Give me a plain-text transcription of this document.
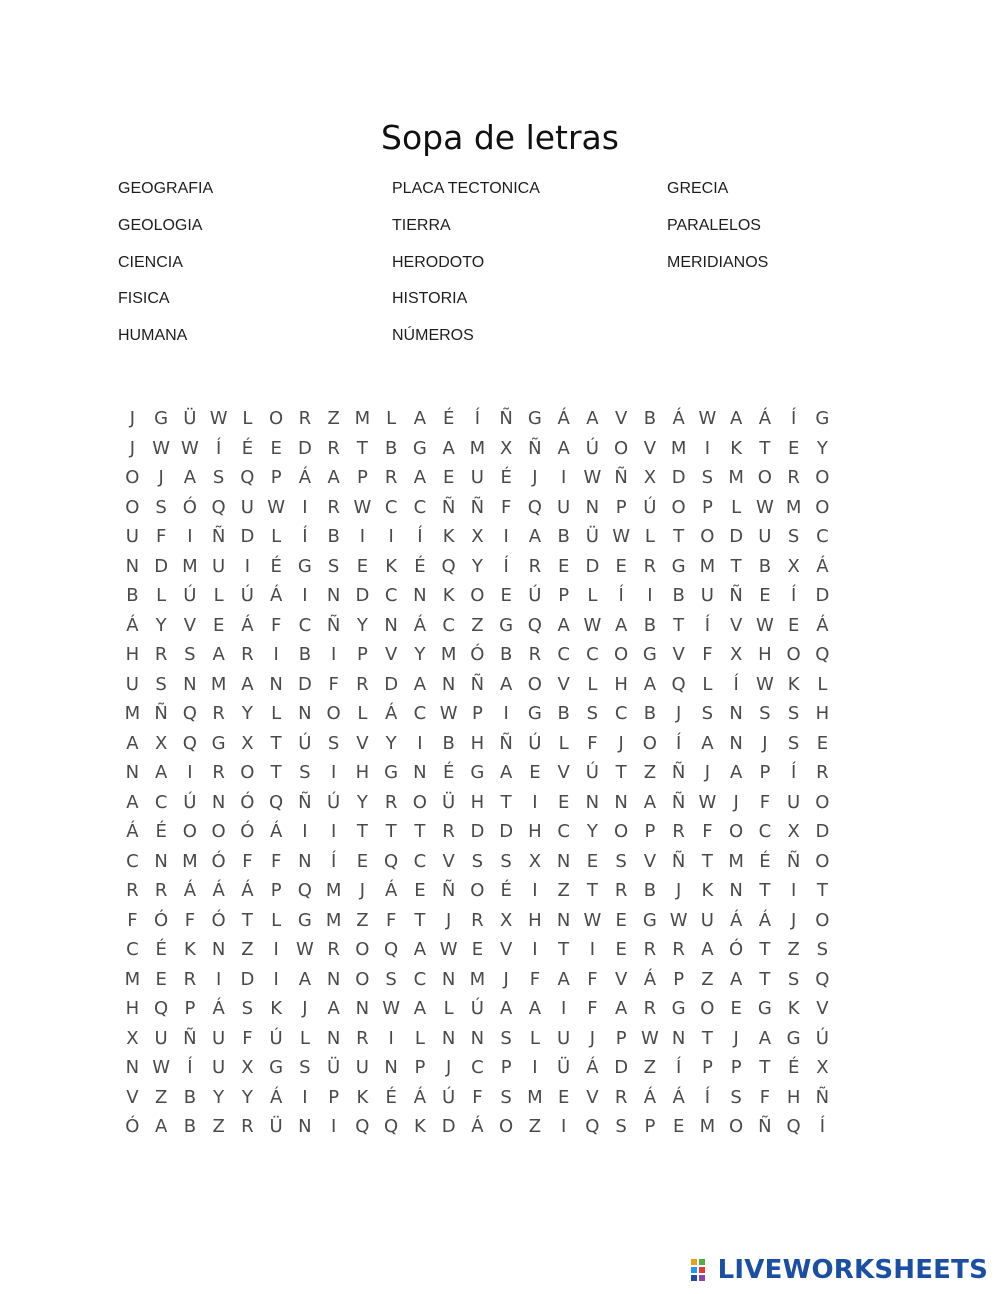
Sopa de letras
GEOGRAFIA
GEOLOGIA
CIENCIA
FISICA
HUMANA
PLACA TECTONICA
TIERRA
HERODOTO
HISTORIA
NÚMEROS
GRECIA
PARALELOS
MERIDIANOS
J	G Ü W L O R Z M L A É	Í	Ñ G Á A V B Á W A Á	Í	G
J W W Í	É E D R T B G A M X Ñ A Ú O V M	I	K T E Y
O	J	A S Q P Á A P R A E U É	J	I W Ñ X D S M O R O
O S Ó Q U W I	R W C C Ñ Ñ F Q U N P Ú O P	L W M O
U F	I	Ñ D L	Í	B	I	I	Í	K X	I	A B Ü W L	T O D U S C
N D M U	I	É G S E K É Q Y	Í	R E D E R G M T B X Á
B L Ú L Ú Á	I	N D C N K O E Ú P	L	Í	I	B U Ñ E	Í	D
Á Y V E Á F C Ñ Y N Á C Z G Q A W A B T	Í	V W E Á
H R S A R	I	B	I	P V Y M Ó B R C C O G V F X H O Q
U S N M A N D F R D A N Ñ A O V L H A Q L	Í W K L
M Ñ Q R Y	L N O L Á C W P	I	G B S C B	J	S N S S H
A X Q G X T Ú S V Y	I	B H Ñ Ú L	F	J	O	Í	A N	J	S E
N A	I	R O T S	I	H G N É G A E V Ú T Z Ñ	J	A P	Í	R
A C Ú N Ó Q Ñ Ú Y R O Ü H T	I	E N N A Ñ W J	F U O
Á É O O Ó Á	I	I	T T T R D D H C Y O P R F O C X D
C N M Ó F	F N	Í	E Q C V S S X N E S V Ñ T M É Ñ O
R R Á Á Á P Q M	J	Á E Ñ O É	I	Z T R B	J	K N T	I	T
F Ó F Ó T	L G M Z F	T	J	R X H N W E G W U Á Á	J	O
C É K N Z	I W R O Q A W E V	I	T	I	E R R A Ó T Z S
M E R	I	D	I	A N O S C N M	J	F A F V Á P Z A T S Q
H Q P Á S K	J	A N W A L Ú A A	I	F A R G O E G K V
X U Ñ U F Ú L N R	I	L N N S	L U	J	P W N T	J	A G Ú
N W Í	U X G S Ü U N P	J	C P	I	Ü Á D Z	Í	P P T É X
V Z B Y Y Á	I	P K É Á Ú F S M E V R Á Á	Í	S F H Ñ
Ó A B Z R Ü N	I	Q Q K D Á O Z	I	Q S P E M O Ñ Q	Í
LIVEWORKSHEETS
